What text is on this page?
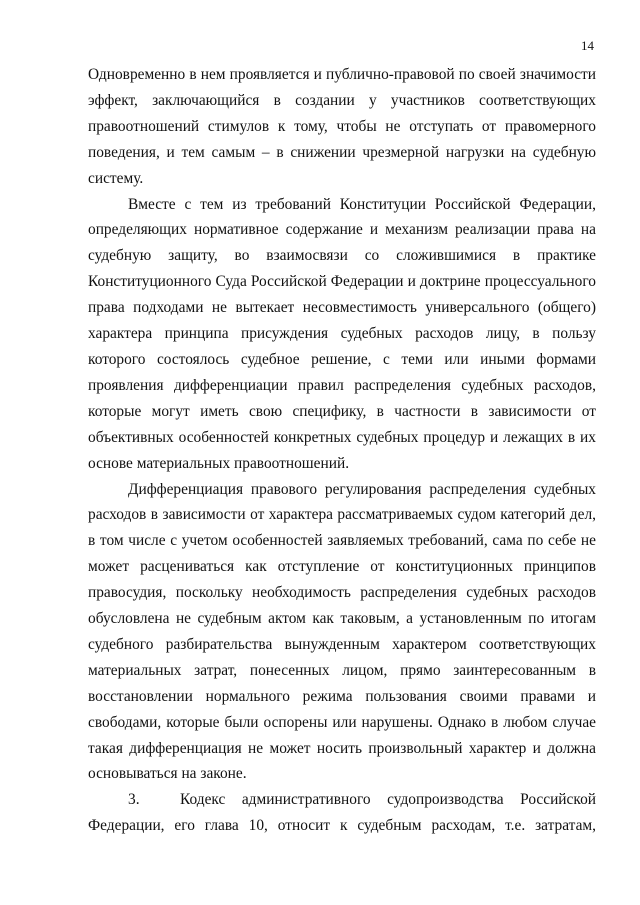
14

Одновременно в нем проявляется и публично-правовой по своей значимости эффект, заключающийся в создании у участников соответствующих правоотношений стимулов к тому, чтобы не отступать от правомерного поведения, и тем самым – в снижении чрезмерной нагрузки на судебную систему.

Вместе с тем из требований Конституции Российской Федерации, определяющих нормативное содержание и механизм реализации права на судебную защиту, во взаимосвязи со сложившимися в практике Конституционного Суда Российской Федерации и доктрине процессуального права подходами не вытекает несовместимость универсального (общего) характера принципа присуждения судебных расходов лицу, в пользу которого состоялось судебное решение, с теми или иными формами проявления дифференциации правил распределения судебных расходов, которые могут иметь свою специфику, в частности в зависимости от объективных особенностей конкретных судебных процедур и лежащих в их основе материальных правоотношений.

Дифференциация правового регулирования распределения судебных расходов в зависимости от характера рассматриваемых судом категорий дел, в том числе с учетом особенностей заявляемых требований, сама по себе не может расцениваться как отступление от конституционных принципов правосудия, поскольку необходимость распределения судебных расходов обусловлена не судебным актом как таковым, а установленным по итогам судебного разбирательства вынужденным характером соответствующих материальных затрат, понесенных лицом, прямо заинтересованным в восстановлении нормального режима пользования своими правами и свободами, которые были оспорены или нарушены. Однако в любом случае такая дифференциация не может носить произвольный характер и должна основываться на законе.

3.	Кодекс административного судопроизводства Российской Федерации, его глава 10, относит к судебным расходам, т.е. затратам,
